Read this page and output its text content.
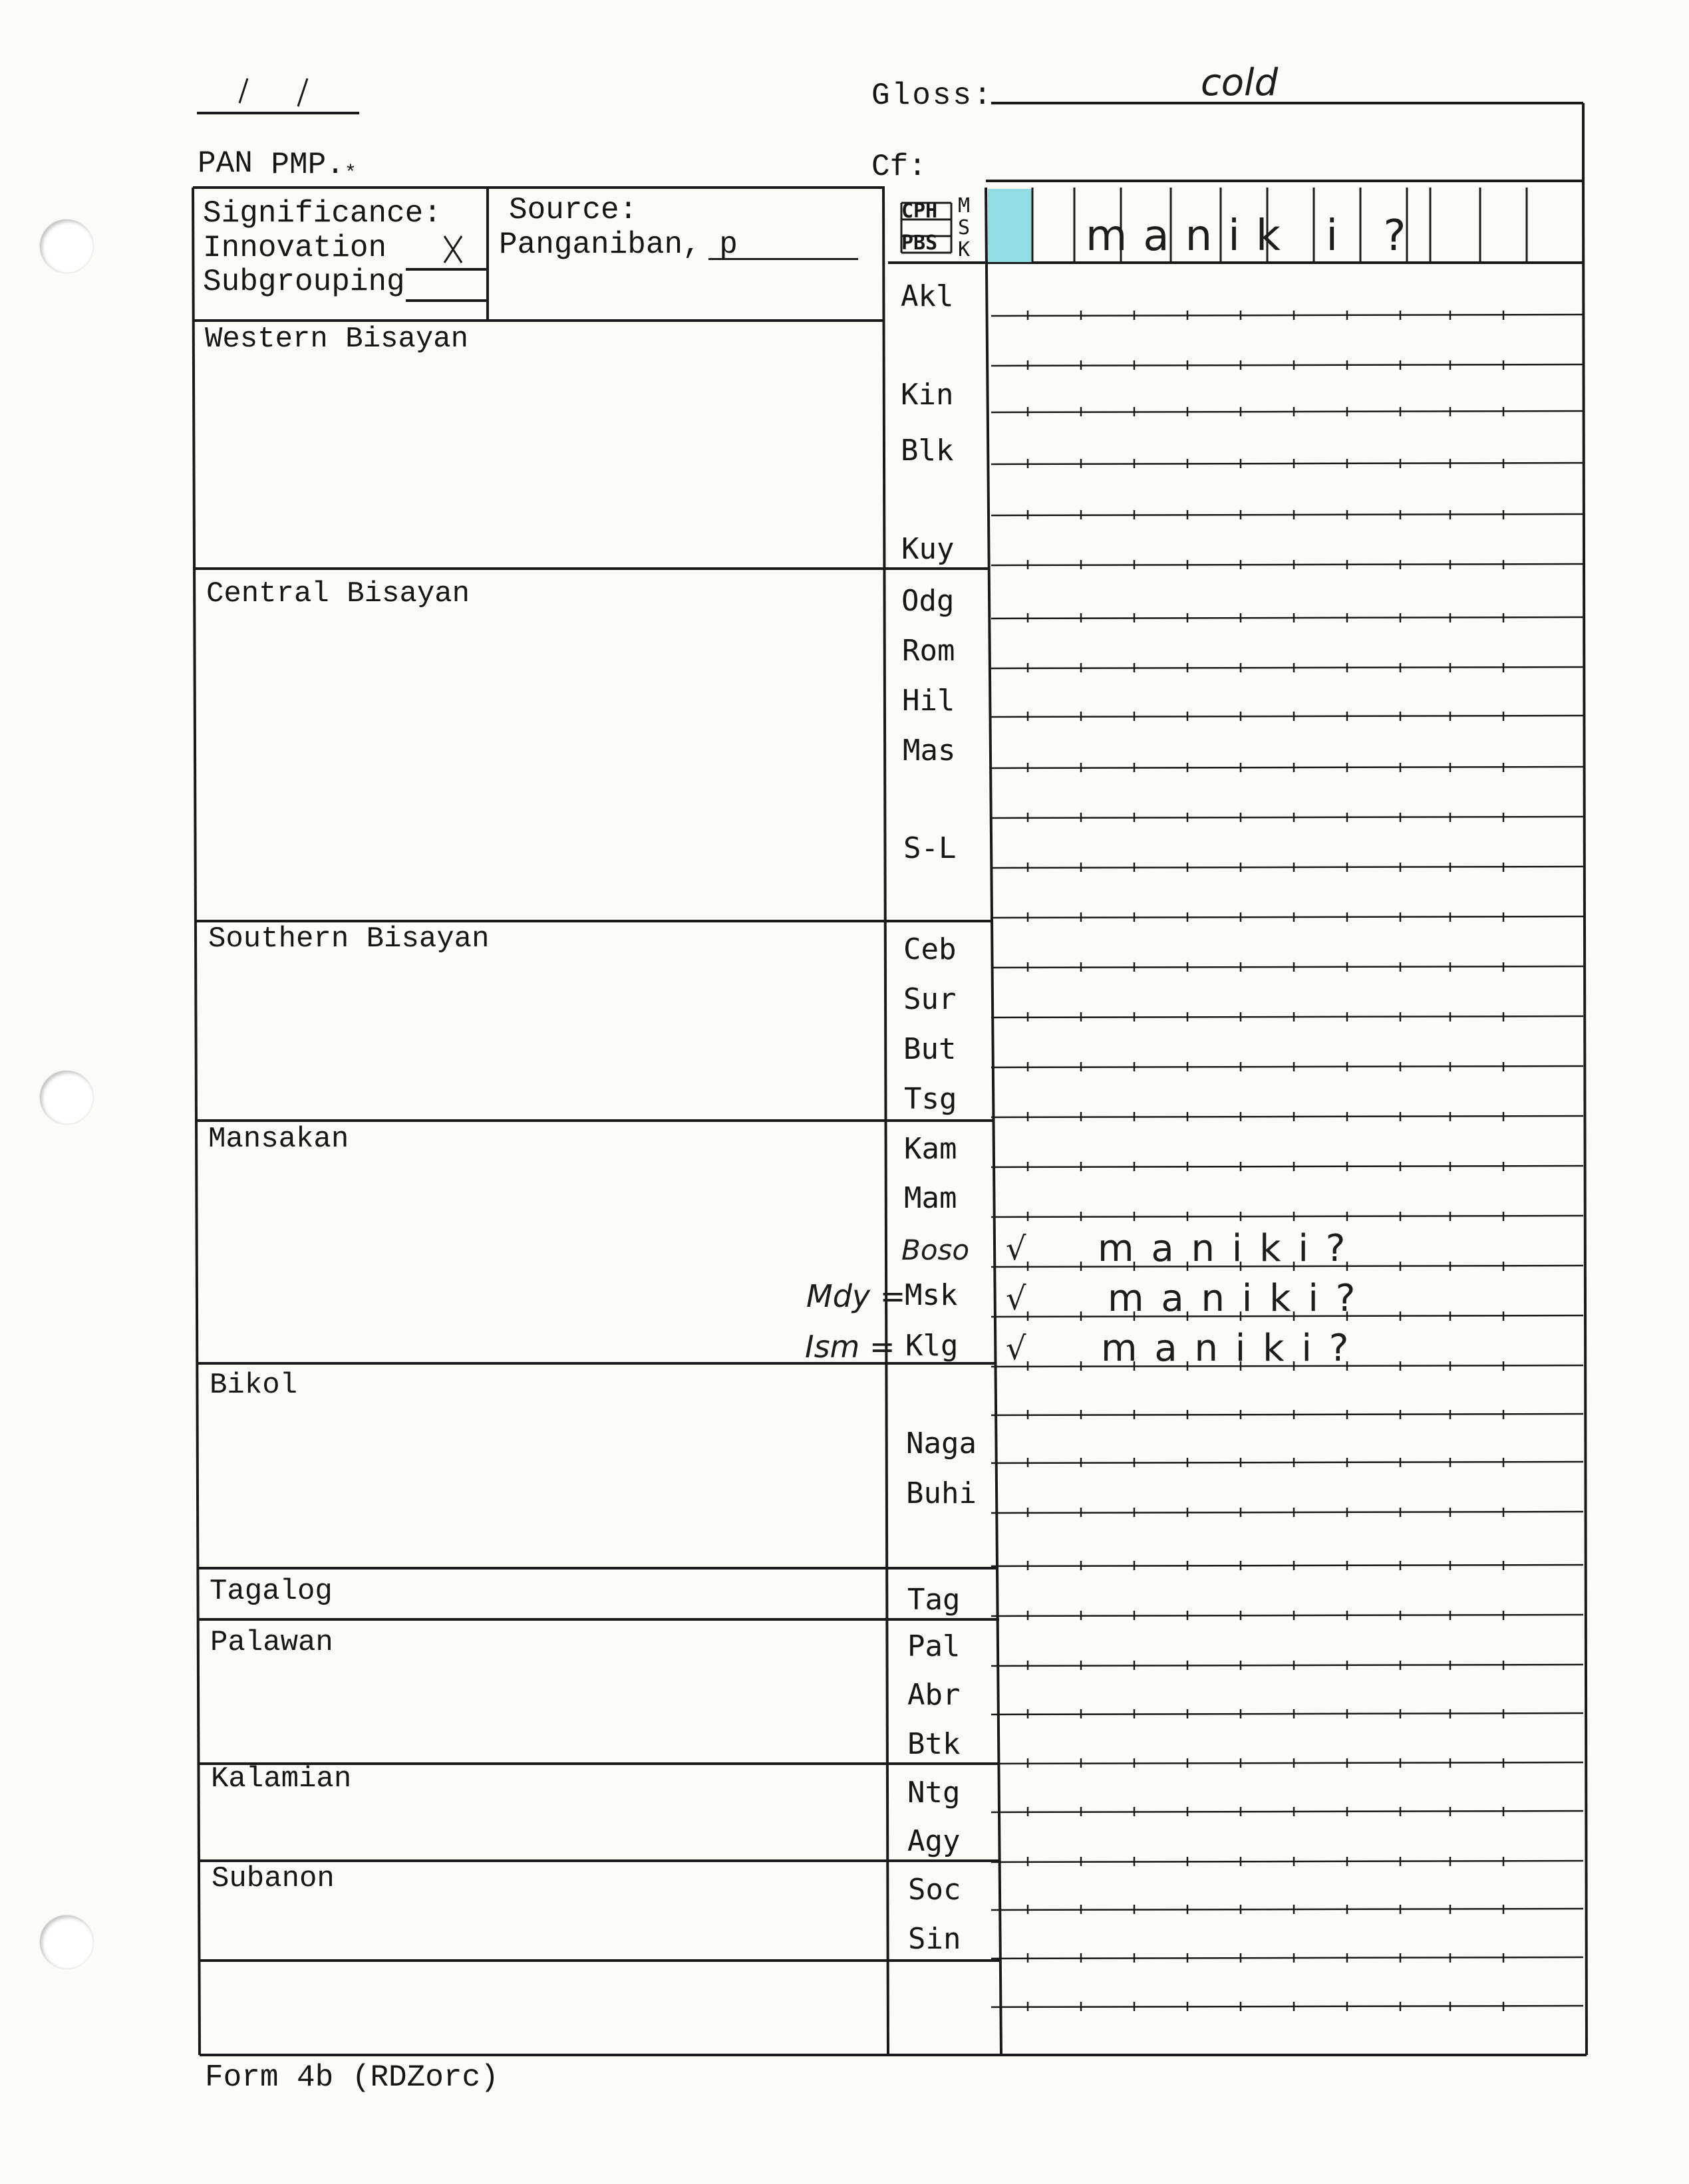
PMP.*

PAN
Gloss:	cold
Cf:
Significance:
Innovation
Subgrouping
Source:
Panganiban, p
CPH
PBS
M
S
K	manik i ?
Western Bisayan
Central Bisayan
Southern Bisayan
Mansakan
Bikol
Tagalog
Palawan
Kalamian
Subanon
Akl
Kin
Blk
Kuy
Odg
Rom
Hil
Mas
S-L
Ceb
Sur
But
Tsg
Kam
Mam
Boso
Msk
Klg
Naga
Buhi
Tag
Pal
Abr
Btk
Ntg
Agy
Soc
Sin
Mdy =
Ism =
√ m a n i k i ?
√ m a n i k i ?
√ m a n i k i ?
Form 4b (RDZorc)
